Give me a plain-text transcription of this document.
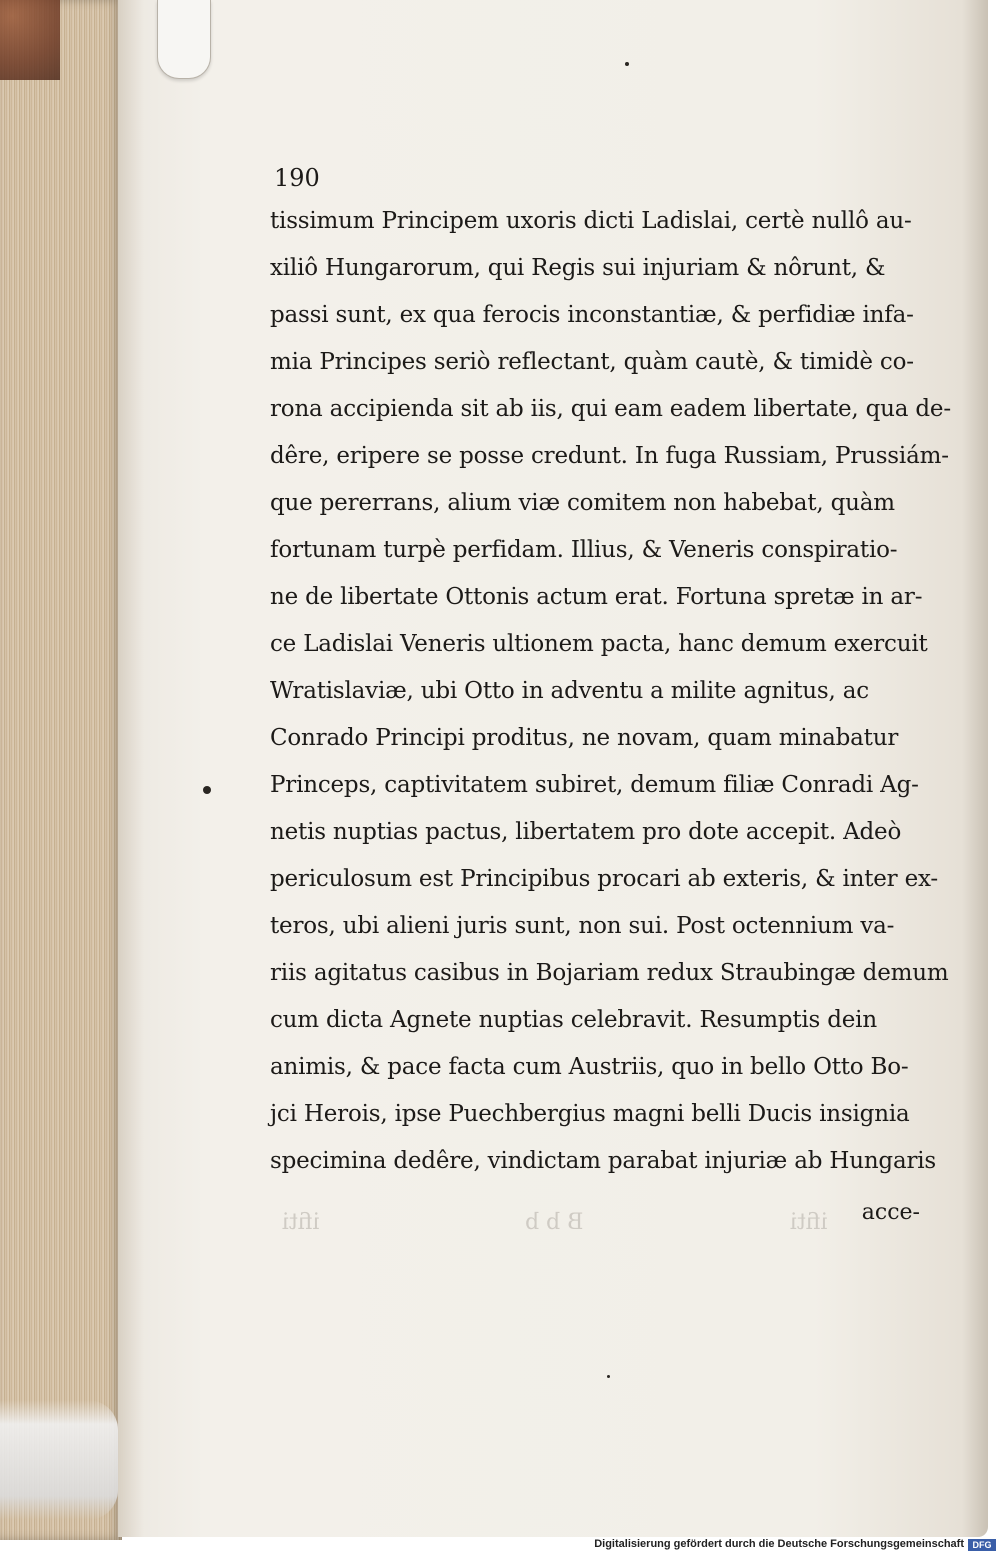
ifiti	B b b	ifiti
190
tissimum Principem uxoris dicti Ladislai, certè nullô au-
xiliô Hungarorum, qui Regis sui injuriam & nôrunt, &
passi sunt, ex qua ferocis inconstantiæ, & perfidiæ infa-
mia Principes seriò reflectant, quàm cautè, & timidè co-
rona accipienda sit ab iis, qui eam eadem libertate, qua de-
dêre, eripere se posse credunt. In fuga Russiam, Prussiám-
que pererrans, alium viæ comitem non habebat, quàm
fortunam turpè perfidam. Illius, & Veneris conspiratio-
ne de libertate Ottonis actum erat. Fortuna spretæ in ar-
ce Ladislai Veneris ultionem pacta, hanc demum exercuit
Wratislaviæ, ubi Otto in adventu a milite agnitus, ac
Conrado Principi proditus, ne novam, quam minabatur
Princeps, captivitatem subiret, demum filiæ Conradi Ag-
netis nuptias pactus, libertatem pro dote accepit. Adeò
periculosum est Principibus procari ab exteris, & inter ex-
teros, ubi alieni juris sunt, non sui. Post octennium va-
riis agitatus casibus in Bojariam redux Straubingæ demum
cum dicta Agnete nuptias celebravit. Resumptis dein
animis, & pace facta cum Austriis, quo in bello Otto Bo-
jci Herois, ipse Puechbergius magni belli Ducis insignia
specimina dedêre, vindictam parabat injuriæ ab Hungaris
acce-
Digitalisierung gefördert durch die Deutsche Forschungsgemeinschaft DFG
